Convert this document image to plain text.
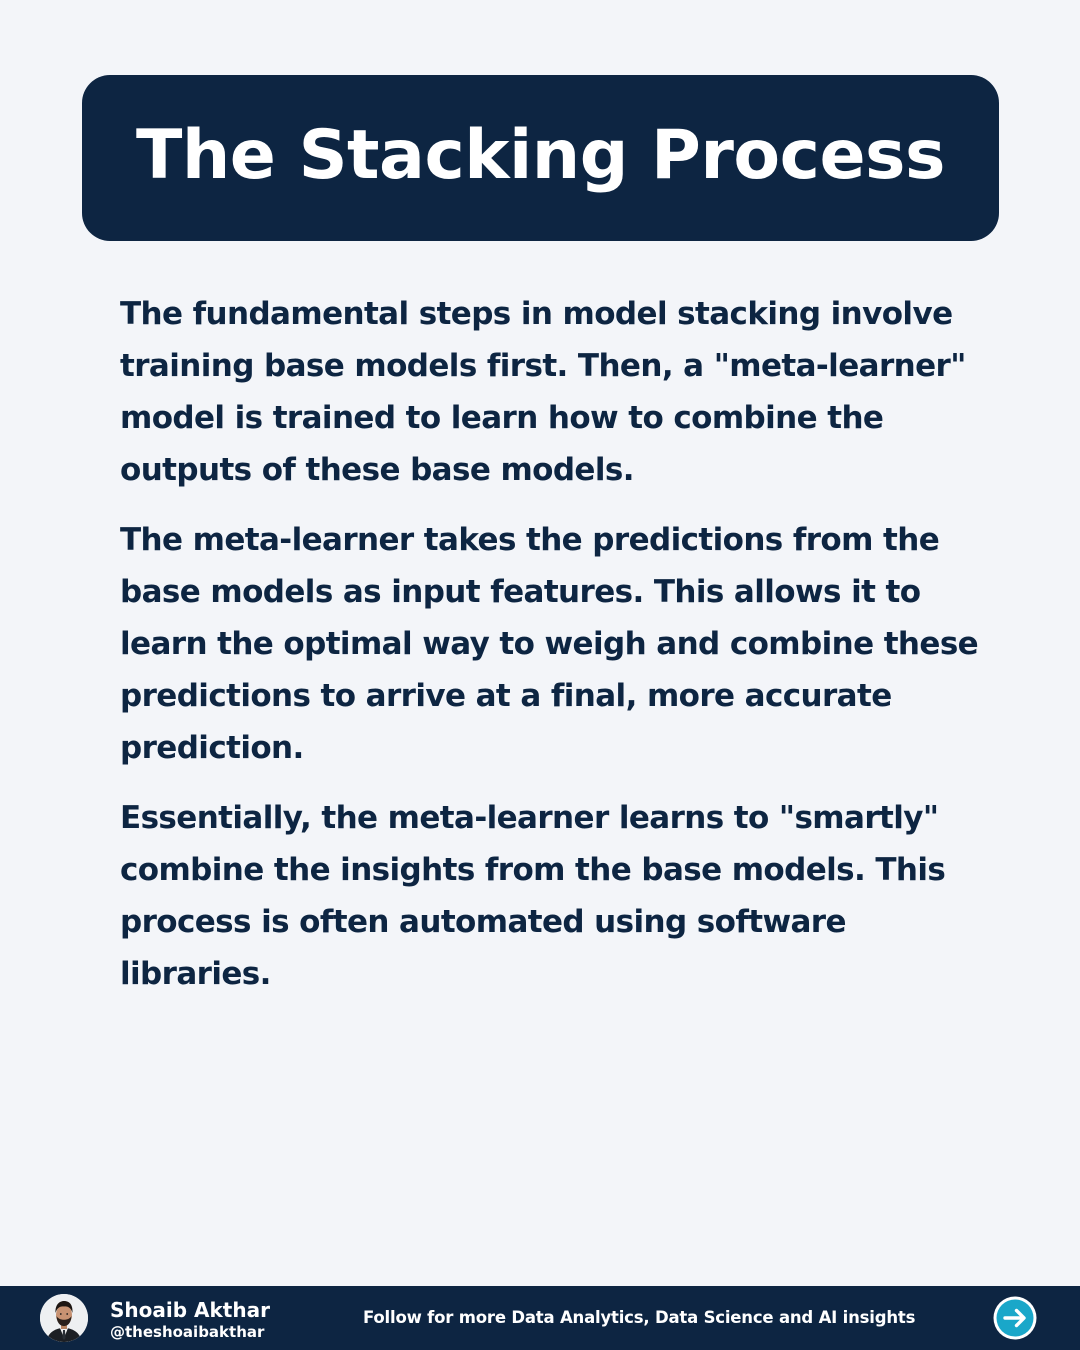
The Stacking Process

The fundamental steps in model stacking involve training base models first. Then, a "meta-learner" model is trained to learn how to combine the outputs of these base models.

The meta-learner takes the predictions from the base models as input features. This allows it to learn the optimal way to weigh and combine these predictions to arrive at a final, more accurate prediction.

Essentially, the meta-learner learns to "smartly" combine the insights from the base models. This process is often automated using software libraries.

Shoaib Akthar
@theshoaibakthar
Follow for more Data Analytics, Data Science and AI insights
